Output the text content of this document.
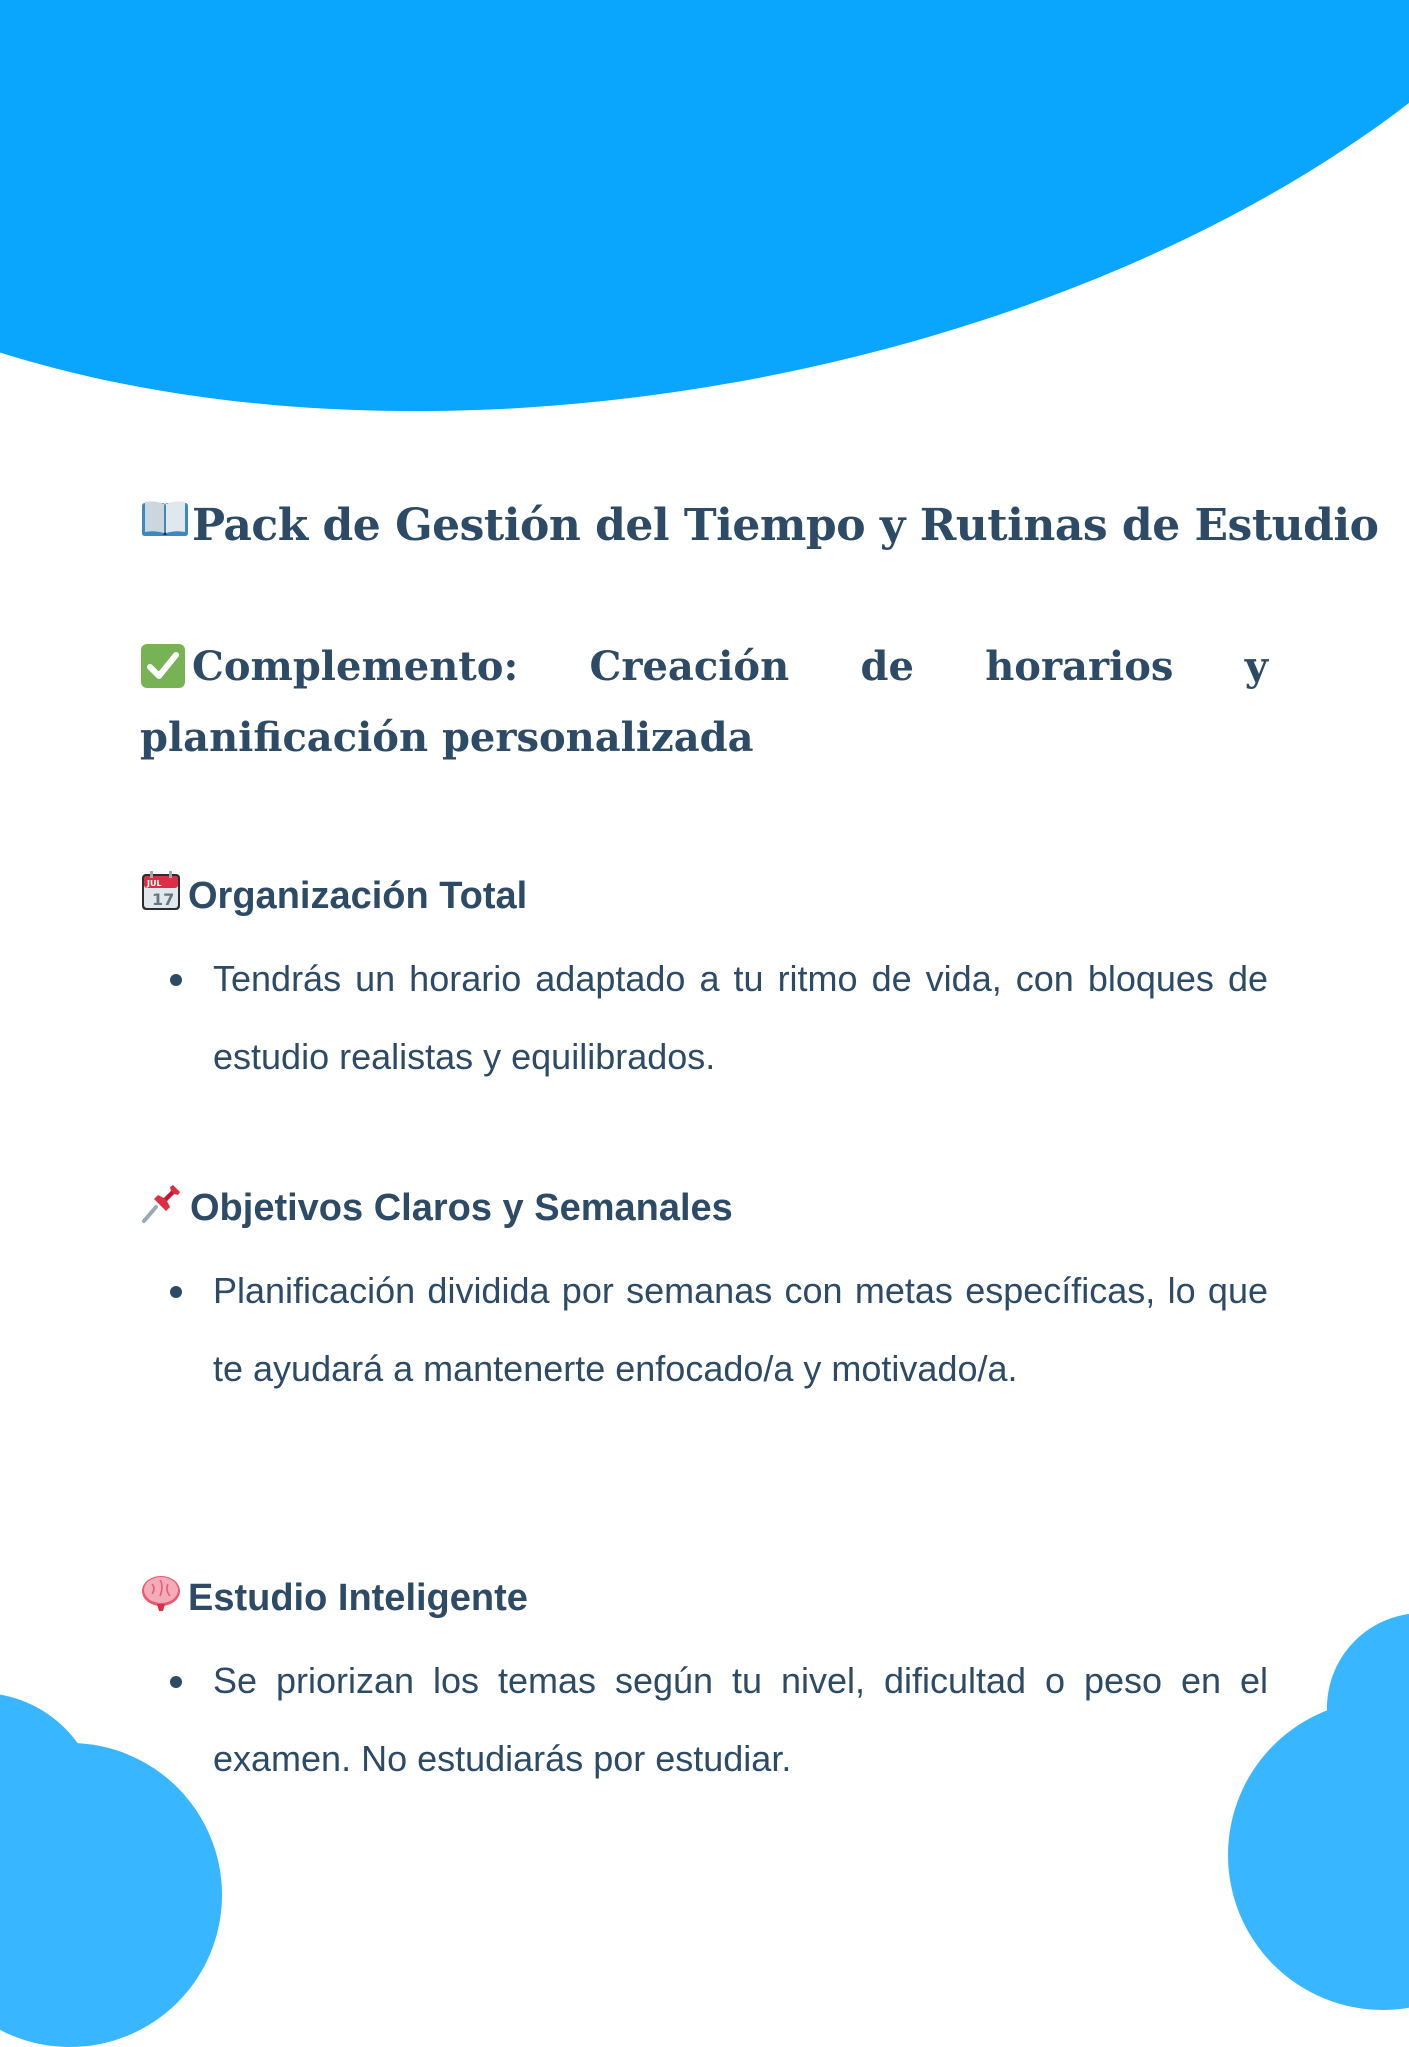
Pack de Gestión del Tiempo y Rutinas de Estudio
Complemento: Creación de horarios y planificación personalizada
JUL
17 Organización Total
Tendrás un horario adaptado a tu ritmo de vida, con bloques de estudio realistas y equilibrados.
Objetivos Claros y Semanales
Planificación dividida por semanas con metas específicas, lo que te ayudará a mantenerte enfocado/a y motivado/a.
Estudio Inteligente
Se priorizan los temas según tu nivel, dificultad o peso en el examen. No estudiarás por estudiar.
